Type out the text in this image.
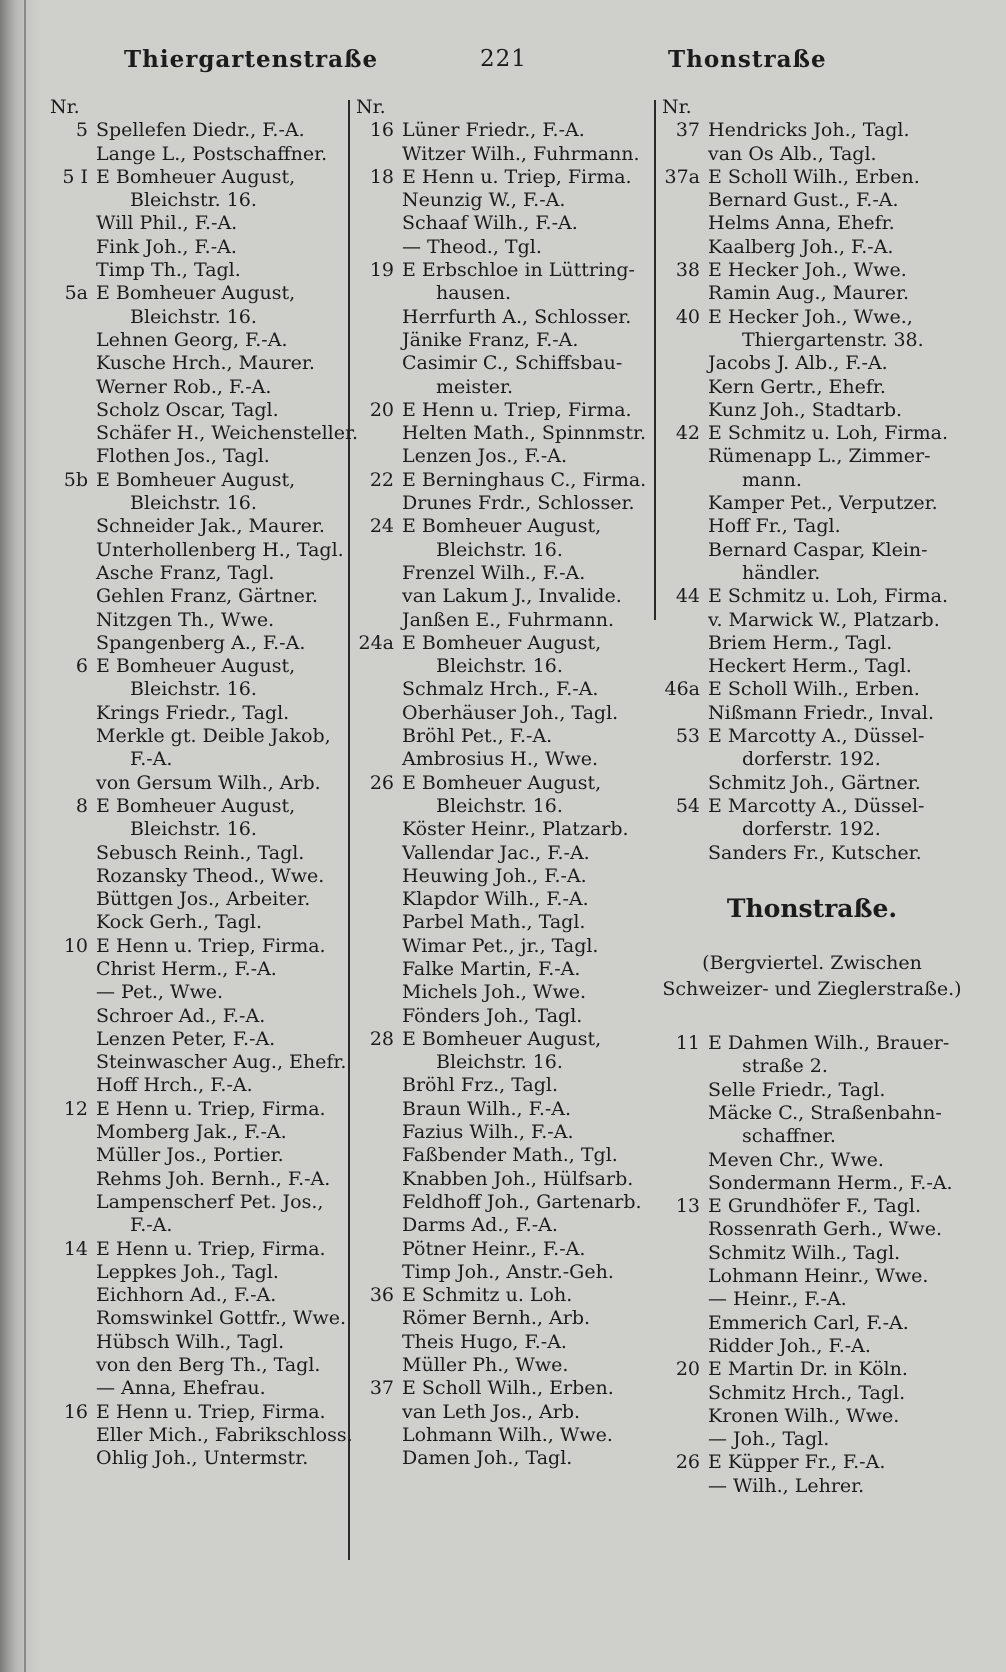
Thiergartenstraße	221	Thonstraße
Nr.
5 Spellefen Diedr., F.-A.
Lange L., Postschaffner.
5 I E Bomheuer August,
Bleichstr. 16.
Will Phil., F.-A.
Fink Joh., F.-A.
Timp Th., Tagl.
5a E Bomheuer August,
Bleichstr. 16.
Lehnen Georg, F.-A.
Kusche Hrch., Maurer.
Werner Rob., F.-A.
Scholz Oscar, Tagl.
Schäfer H., Weichensteller.
Flothen Jos., Tagl.
5b E Bomheuer August,
Bleichstr. 16.
Schneider Jak., Maurer.
Unterhollenberg H., Tagl.
Asche Franz, Tagl.
Gehlen Franz, Gärtner.
Nitzgen Th., Wwe.
Spangenberg A., F.-A.
6 E Bomheuer August,
Bleichstr. 16.
Krings Friedr., Tagl.
Merkle gt. Deible Jakob,
F.-A.
von Gersum Wilh., Arb.
8 E Bomheuer August,
Bleichstr. 16.
Sebusch Reinh., Tagl.
Rozansky Theod., Wwe.
Büttgen Jos., Arbeiter.
Kock Gerh., Tagl.
10 E Henn u. Triep, Firma.
Christ Herm., F.-A.
— Pet., Wwe.
Schroer Ad., F.-A.
Lenzen Peter, F.-A.
Steinwascher Aug., Ehefr.
Hoff Hrch., F.-A.
12 E Henn u. Triep, Firma.
Momberg Jak., F.-A.
Müller Jos., Portier.
Rehms Joh. Bernh., F.-A.
Lampenscherf Pet. Jos.,
F.-A.
14 E Henn u. Triep, Firma.
Leppkes Joh., Tagl.
Eichhorn Ad., F.-A.
Romswinkel Gottfr., Wwe.
Hübsch Wilh., Tagl.
von den Berg Th., Tagl.
— Anna, Ehefrau.
16 E Henn u. Triep, Firma.
Eller Mich., Fabrikschloss.
Ohlig Joh., Untermstr.
Nr.
16 Lüner Friedr., F.-A.
Witzer Wilh., Fuhrmann.
18 E Henn u. Triep, Firma.
Neunzig W., F.-A.
Schaaf Wilh., F.-A.
— Theod., Tgl.
19 E Erbschloe in Lüttring-
hausen.
Herrfurth A., Schlosser.
Jänike Franz, F.-A.
Casimir C., Schiffsbau-
meister.
20 E Henn u. Triep, Firma.
Helten Math., Spinnmstr.
Lenzen Jos., F.-A.
22 E Berninghaus C., Firma.
Drunes Frdr., Schlosser.
24 E Bomheuer August,
Bleichstr. 16.
Frenzel Wilh., F.-A.
van Lakum J., Invalide.
Janßen E., Fuhrmann.
24a E Bomheuer August,
Bleichstr. 16.
Schmalz Hrch., F.-A.
Oberhäuser Joh., Tagl.
Bröhl Pet., F.-A.
Ambrosius H., Wwe.
26 E Bomheuer August,
Bleichstr. 16.
Köster Heinr., Platzarb.
Vallendar Jac., F.-A.
Heuwing Joh., F.-A.
Klapdor Wilh., F.-A.
Parbel Math., Tagl.
Wimar Pet., jr., Tagl.
Falke Martin, F.-A.
Michels Joh., Wwe.
Fönders Joh., Tagl.
28 E Bomheuer August,
Bleichstr. 16.
Bröhl Frz., Tagl.
Braun Wilh., F.-A.
Fazius Wilh., F.-A.
Faßbender Math., Tgl.
Knabben Joh., Hülfsarb.
Feldhoff Joh., Gartenarb.
Darms Ad., F.-A.
Pötner Heinr., F.-A.
Timp Joh., Anstr.-Geh.
36 E Schmitz u. Loh.
Römer Bernh., Arb.
Theis Hugo, F.-A.
Müller Ph., Wwe.
37 E Scholl Wilh., Erben.
van Leth Jos., Arb.
Lohmann Wilh., Wwe.
Damen Joh., Tagl.
Nr.
37 Hendricks Joh., Tagl.
van Os Alb., Tagl.
37a E Scholl Wilh., Erben.
Bernard Gust., F.-A.
Helms Anna, Ehefr.
Kaalberg Joh., F.-A.
38 E Hecker Joh., Wwe.
Ramin Aug., Maurer.
40 E Hecker Joh., Wwe.,
Thiergartenstr. 38.
Jacobs J. Alb., F.-A.
Kern Gertr., Ehefr.
Kunz Joh., Stadtarb.
42 E Schmitz u. Loh, Firma.
Rümenapp L., Zimmer-
mann.
Kamper Pet., Verputzer.
Hoff Fr., Tagl.
Bernard Caspar, Klein-
händler.
44 E Schmitz u. Loh, Firma.
v. Marwick W., Platzarb.
Briem Herm., Tagl.
Heckert Herm., Tagl.
46a E Scholl Wilh., Erben.
Nißmann Friedr., Inval.
53 E Marcotty A., Düssel-
dorferstr. 192.
Schmitz Joh., Gärtner.
54 E Marcotty A., Düssel-
dorferstr. 192.
Sanders Fr., Kutscher.
Thonstraße.
(Bergviertel. Zwischen
Schweizer- und Zieglerstraße.)
11 E Dahmen Wilh., Brauer-
straße 2.
Selle Friedr., Tagl.
Mäcke C., Straßenbahn-
schaffner.
Meven Chr., Wwe.
Sondermann Herm., F.-A.
13 E Grundhöfer F., Tagl.
Rossenrath Gerh., Wwe.
Schmitz Wilh., Tagl.
Lohmann Heinr., Wwe.
— Heinr., F.-A.
Emmerich Carl, F.-A.
Ridder Joh., F.-A.
20 E Martin Dr. in Köln.
Schmitz Hrch., Tagl.
Kronen Wilh., Wwe.
— Joh., Tagl.
26 E Küpper Fr., F.-A.
— Wilh., Lehrer.
